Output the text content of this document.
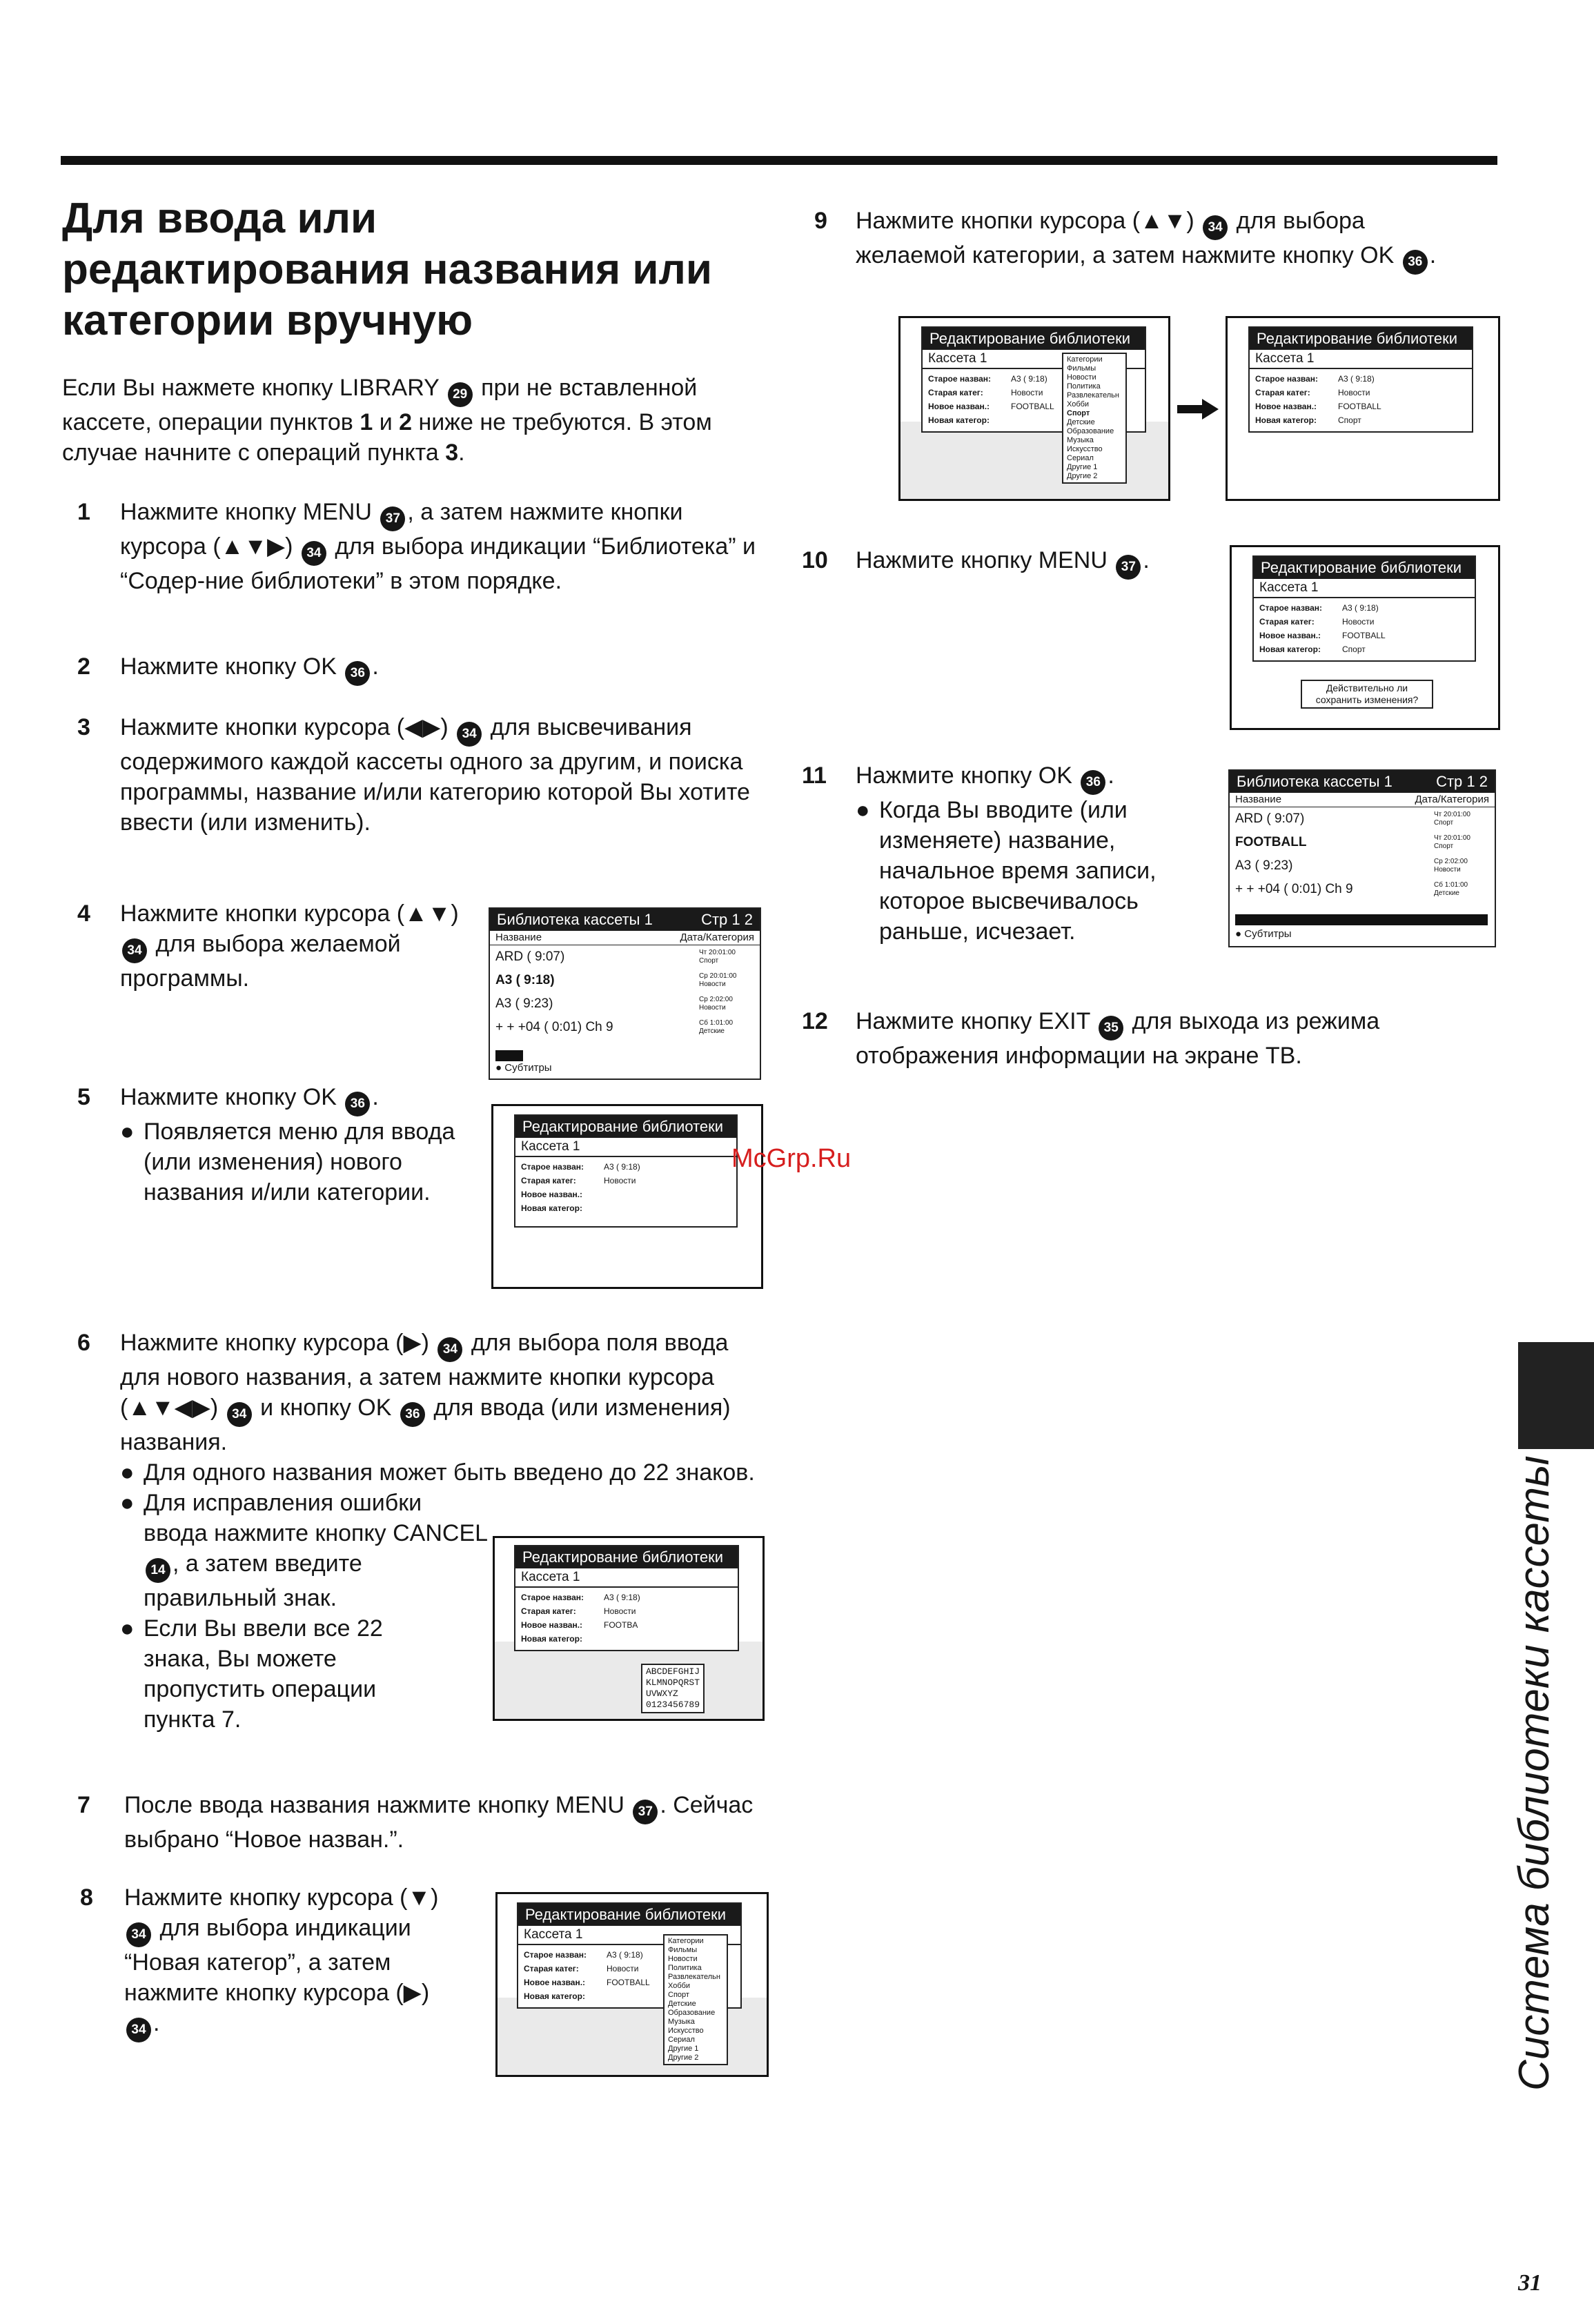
Для ввода или
редактирования названия или
категории вручную

Если Вы нажмете кнопку LIBRARY 29 при не вставленной кассете, операции пунктов 1 и 2 ниже не требуются. В этом случае начните с операций пункта 3.

1 Нажмите кнопку MENU 37 , а затем нажмите кнопки курсора (▲▼▶) 34 для выбора индикации “Библиотека” и “Содер-ние библиотеки” в этом порядке.

2 Нажмите кнопку OK 36 .

3 Нажмите кнопки курсора (◀▶) 34 для высвечивания содержимого каждой кассеты одного за другим, и поиска программы, название и/или категорию которой Вы хотите ввести (или изменить).

4 Нажмите кнопки курсора (▲▼) 34 для выбора желаемой программы.

Библиотека кассеты 1	Стр 1 2
Название	Дата/Категория
ARD ( 9:07)	Чт 20:01:00
Спорт
A3 ( 9:18)	Ср 20:01:00
Новости
A3 ( 9:23)	Ср 2:02:00
Новости
+ + +04 ( 0:01) Ch 9	Сб 1:01:00
Детские
● Субтитры
5 Нажмите кнопку OK 36 .

● Появляется меню для ввода (или изменения) нового названия и/или категории.

Редактирование библиотеки
Кассета 1
Старое назван:	A3 ( 9:18)
Старая катег:	Новости
Новое назван.:
Новая категор:
McGrp.Ru
6 Нажмите кнопку курсора (▶) 34 для выбора поля ввода для нового названия, а затем нажмите кнопки курсора (▲▼◀▶) 34 и кнопку OK 36 для ввода (или изменения) названия.

● Для одного названия может быть введено до 22 знаков.

● Для исправления ошибки ввода нажмите кнопку CANCEL 14 , а затем введите правильный знак.

● Если Вы ввели все 22 знака, Вы можете пропустить операции пункта 7.

Редактирование библиотеки
Кассета 1
Старое назван:	A3 ( 9:18)
Старая катег:	Новости
Новое назван.:	FOOTBA
Новая категор:
ABCDEFGHIJ
KLMNOPQRST
UVWXYZ
0123456789
7 После ввода названия нажмите кнопку MENU 37 . Сейчас выбрано “Новое назван.”.

8 Нажмите кнопку курсора (▼) 34 для выбора индикации “Новая категор”, а затем нажмите кнопку курсора (▶) 34 .

Редактирование библиотеки
Кассета 1
Старое назван:	A3 ( 9:18)
Старая катег:	Новости
Новое назван.:	FOOTBALL
Новая категор:
Категории
Фильмы
Новости
Политика
Развлекательн
Хобби
Спорт
Детские
Образование
Музыка
Искусство
Сериал
Другие 1
Другие 2
9 Нажмите кнопки курсора (▲▼) 34 для выбора желаемой категории, а затем нажмите кнопку OK 36 .

Редактирование библиотеки
Кассета 1
Старое назван:	A3 ( 9:18)
Старая катег:	Новости
Новое назван.:	FOOTBALL
Новая категор:
Категории
Фильмы
Новости
Политика
Развлекательн
Хобби
Спорт
Детские
Образование
Музыка
Искусство
Сериал
Другие 1
Другие 2
Редактирование библиотеки
Кассета 1
Старое назван:	A3 ( 9:18)
Старая катег:	Новости
Новое назван.:	FOOTBALL
Новая категор:	Спорт
10 Нажмите кнопку MENU 37 .	Редактирование библиотеки
Кассета 1
Старое назван:	A3 ( 9:18)
Старая катег:	Новости
Новое назван.:	FOOTBALL
Новая категор:	Спорт
Действительно ли сохранить изменения?
11 Нажмите кнопку OK 36 .

● Когда Вы вводите (или изменяете) название, начальное время записи, которое высвечивалось раньше, исчезает.

Библиотека кассеты 1	Стр 1 2
Название	Дата/Категория
ARD ( 9:07)	Чт 20:01:00
Спорт
FOOTBALL	Чт 20:01:00
Спорт
A3 ( 9:23)	Ср 2:02:00
Новости
+ + +04 ( 0:01) Ch 9	Сб 1:01:00
Детские
● Субтитры
12 Нажмите кнопку EXIT 35 для выхода из режима отображения информации на экране ТВ.

Система библиотеки кассеты
31
